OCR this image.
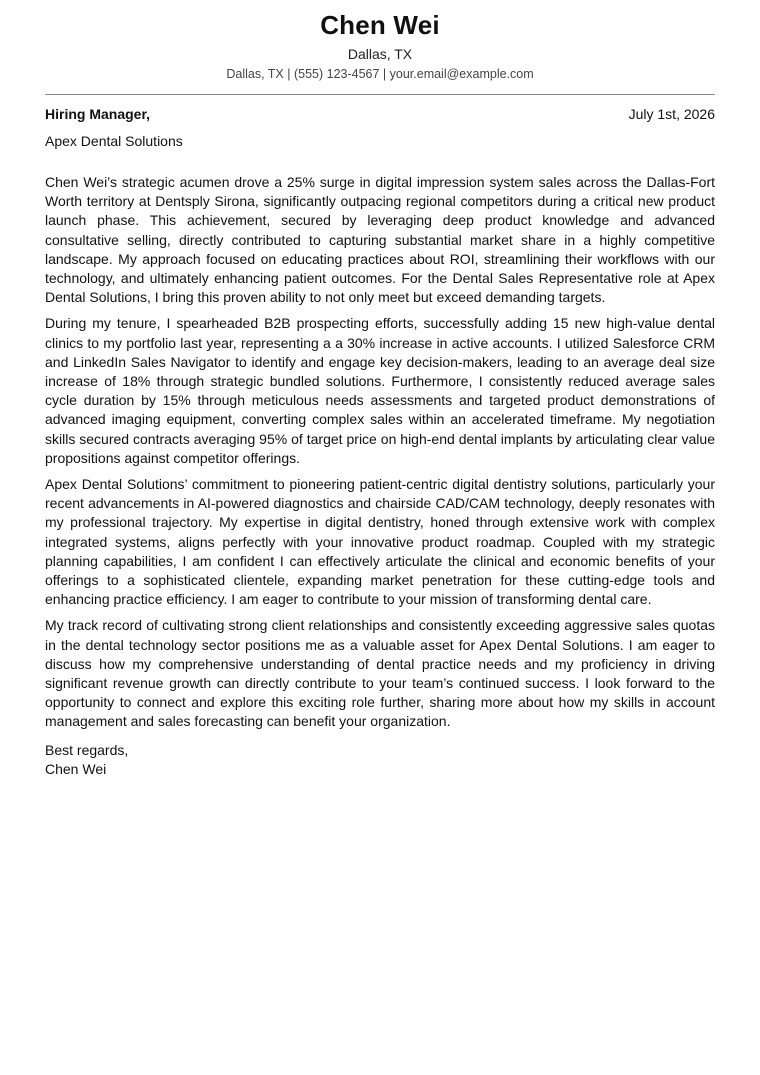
Chen Wei
Dallas, TX
Dallas, TX | (555) 123-4567 | your.email@example.com
Hiring Manager,	July 1st, 2026
Apex Dental Solutions

Chen Wei’s strategic acumen drove a 25% surge in digital impression system sales across the Dallas-Fort Worth territory at Dentsply Sirona, significantly outpacing regional competitors during a critical new product launch phase. This achievement, secured by leveraging deep product knowledge and advanced consultative selling, directly contributed to capturing substantial market share in a highly competitive landscape. My approach focused on educating practices about ROI, streamlining their workflows with our technology, and ultimately enhancing patient outcomes. For the Dental Sales Representative role at Apex Dental Solutions, I bring this proven ability to not only meet but exceed demanding targets.

During my tenure, I spearheaded B2B prospecting efforts, successfully adding 15 new high-value dental clinics to my portfolio last year, representing a a 30% increase in active accounts. I utilized Salesforce CRM and LinkedIn Sales Navigator to identify and engage key decision-makers, leading to an average deal size increase of 18% through strategic bundled solutions. Furthermore, I consistently reduced average sales cycle duration by 15% through meticulous needs assessments and targeted product demonstrations of advanced imaging equipment, converting complex sales within an accelerated timeframe. My negotiation skills secured contracts averaging 95% of target price on high-end dental implants by articulating clear value propositions against competitor offerings.

Apex Dental Solutions’ commitment to pioneering patient-centric digital dentistry solutions, particularly your recent advancements in AI-powered diagnostics and chairside CAD/CAM technology, deeply resonates with my professional trajectory. My expertise in digital dentistry, honed through extensive work with complex integrated systems, aligns perfectly with your innovative product roadmap. Coupled with my strategic planning capabilities, I am confident I can effectively articulate the clinical and economic benefits of your offerings to a sophisticated clientele, expanding market penetration for these cutting-edge tools and enhancing practice efficiency. I am eager to contribute to your mission of transforming dental care.

My track record of cultivating strong client relationships and consistently exceeding aggressive sales quotas in the dental technology sector positions me as a valuable asset for Apex Dental Solutions. I am eager to discuss how my comprehensive understanding of dental practice needs and my proficiency in driving significant revenue growth can directly contribute to your team’s continued success. I look forward to the opportunity to connect and explore this exciting role further, sharing more about how my skills in account management and sales forecasting can benefit your organization.

Best regards,
Chen Wei
